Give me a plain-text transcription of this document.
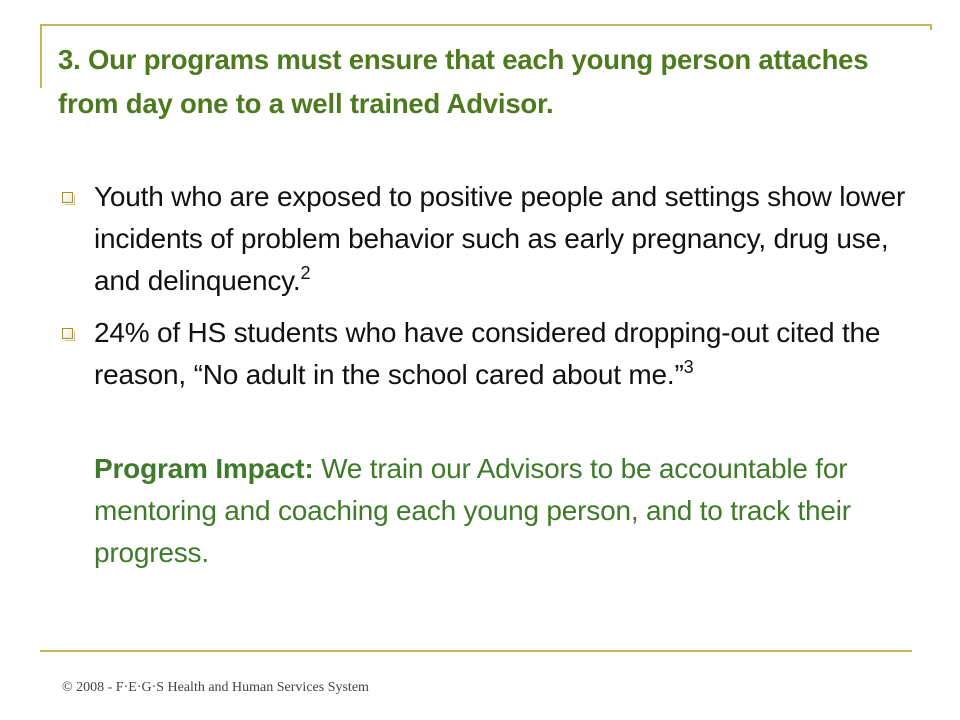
3. Our programs must ensure that each young person attaches from day one to a well trained Advisor.
Youth who are exposed to positive people and settings show lower incidents of problem behavior such as early pregnancy, drug use, and delinquency.$^2$
24% of HS students who have considered dropping-out cited the reason, “No adult in the school cared about me.”$^3$
Program Impact: We train our Advisors to be accountable for mentoring and coaching each young person, and to track their progress.
© 2008 - F·E·G·S Health and Human Services System
